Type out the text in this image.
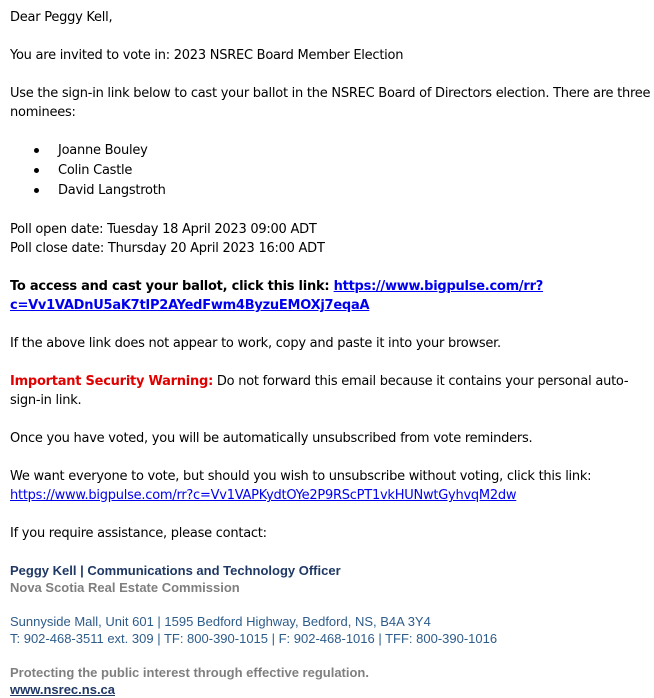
Dear Peggy Kell,

You are invited to vote in: 2023 NSREC Board Member Election

Use the sign-in link below to cast your ballot in the NSREC Board of Directors election. There are three nominees:

Joanne Bouley
Colin Castle
David Langstroth

Poll open date: Tuesday 18 April 2023 09:00 ADT

Poll close date: Thursday 20 April 2023 16:00 ADT

To access and cast your ballot, click this link: https://www.bigpulse.com/rr?
c=Vv1VADnU5aK7tIP2AYedFwm4ByzuEMOXj7eqaA

If the above link does not appear to work, copy and paste it into your browser.

Important Security Warning: Do not forward this email because it contains your personal auto-sign-in link.

Once you have voted, you will be automatically unsubscribed from vote reminders.

We want everyone to vote, but should you wish to unsubscribe without voting, click this link:

https://www.bigpulse.com/rr?c=Vv1VAPKydtOYe2P9RScPT1vkHUNwtGyhvqM2dw

If you require assistance, please contact:

Peggy Kell | Communications and Technology Officer

Nova Scotia Real Estate Commission

Sunnyside Mall, Unit 601 | 1595 Bedford Highway, Bedford, NS, B4A 3Y4

T: 902-468-3511 ext. 309 | TF: 800-390-1015 | F: 902-468-1016 | TFF: 800-390-1016

Protecting the public interest through effective regulation.

www.nsrec.ns.ca
